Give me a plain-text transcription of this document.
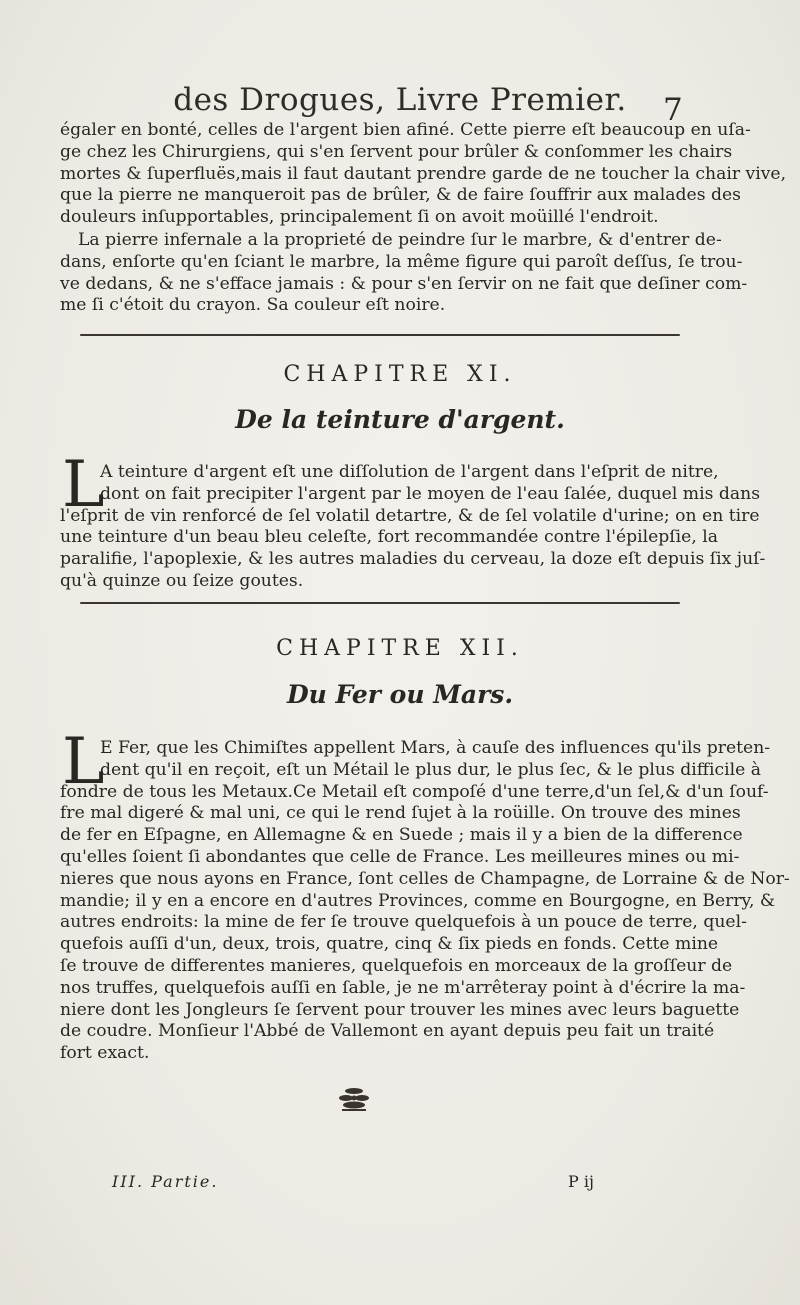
des Drogues, Livre Premier.	7
égaler en bonté, celles de l'argent bien afiné. Cette pierre eſt beaucoup en uſa-
ge chez les Chirurgiens, qui s'en ſervent pour brûler & conſommer les chairs
mortes & ſuperfluës,mais il faut dautant prendre garde de ne toucher la chair vive,
que la pierre ne manqueroit pas de brûler, & de faire ſouffrir aux malades des
douleurs inſupportables, principalement ſi on avoit moüillé l'endroit.
La pierre infernale a la proprieté de peindre ſur le marbre, & d'entrer de-
dans, enſorte qu'en ſciant le marbre, la même figure qui paroît deſſus, ſe trou-
ve dedans, & ne s'efface jamais : & pour s'en ſervir on ne fait que deſiner com-
me ſi c'étoit du crayon. Sa couleur eſt noire.
CHAPITRE XI.
De la teinture d'argent.
L
A teinture d'argent eſt une diſſolution de l'argent dans l'eſprit de nitre,
dont on fait precipiter l'argent par le moyen de l'eau ſalée, duquel mis dans
l'eſprit de vin renforcé de ſel volatil detartre, & de ſel volatile d'urine; on en tire
une teinture d'un beau bleu celeſte, fort recommandée contre l'épilepſie, la
paralifie, l'apoplexie, & les autres maladies du cerveau, la doze eſt depuis ſix juſ-
qu'à quinze ou ſeize goutes.
CHAPITRE XII.
Du Fer ou Mars.
L
E Fer, que les Chimiſtes appellent Mars, à cauſe des influences qu'ils preten-
dent qu'il en reçoit, eſt un Métail le plus dur, le plus ſec, & le plus difficile à
fondre de tous les Metaux.Ce Metail eſt compoſé d'une terre,d'un ſel,& d'un ſouf-
fre mal digeré & mal uni, ce qui le rend ſujet à la roüille. On trouve des mines
de fer en Eſpagne, en Allemagne & en Suede ; mais il y a bien de la difference
qu'elles ſoient ſi abondantes que celle de France. Les meilleures mines ou mi-
nieres que nous ayons en France, ſont celles de Champagne, de Lorraine & de Nor-
mandie; il y en a encore en d'autres Provinces, comme en Bourgogne, en Berry, &
autres endroits: la mine de fer ſe trouve quelquefois à un pouce de terre, quel-
quefois auſſi d'un, deux, trois, quatre, cinq & ſix pieds en fonds. Cette mine
ſe trouve de differentes manieres, quelquefois en morceaux de la groſſeur de
nos truffes, quelquefois auſſi en ſable, je ne m'arrêteray point à d'écrire la ma-
niere dont les Jongleurs ſe ſervent pour trouver les mines avec leurs baguette
de coudre. Monſieur l'Abbé de Vallemont en ayant depuis peu fait un traité
fort exact.
III. Partie.	P ij
